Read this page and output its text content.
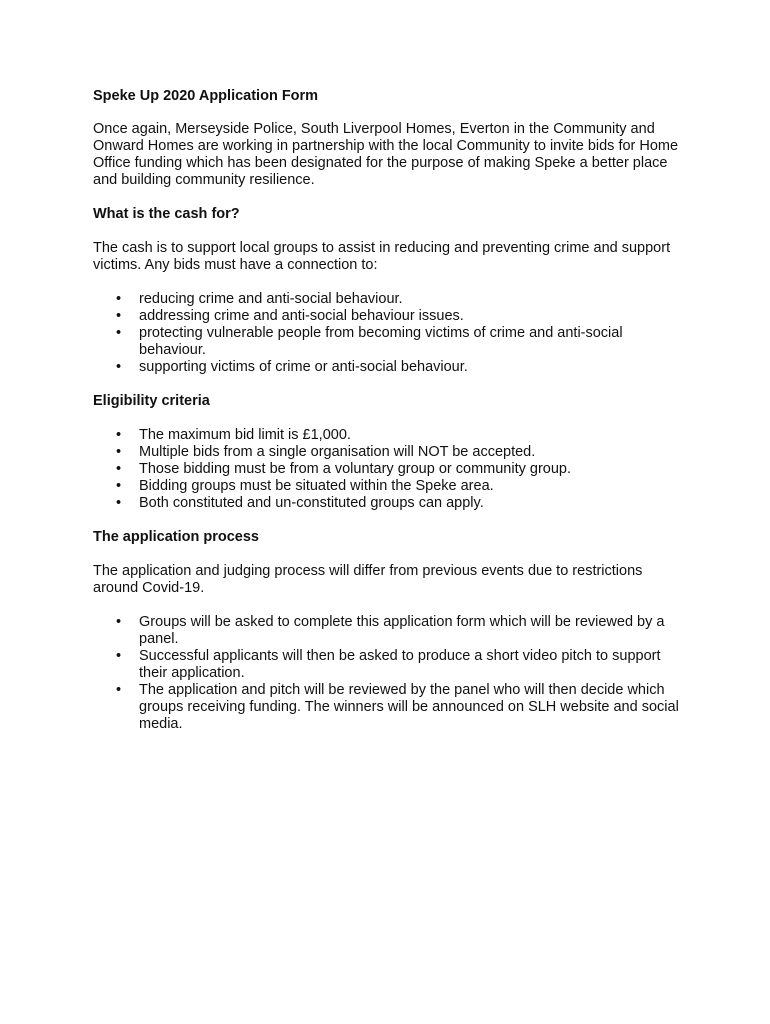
Speke Up 2020 Application Form

Once again, Merseyside Police, South Liverpool Homes, Everton in the Community and Onward Homes are working in partnership with the local Community to invite bids for Home Office funding which has been designated for the purpose of making Speke a better place and building community resilience.

What is the cash for?

The cash is to support local groups to assist in reducing and preventing crime and support victims. Any bids must have a connection to:

• reducing crime and anti-social behaviour.
• addressing crime and anti-social behaviour issues.
• protecting vulnerable people from becoming victims of crime and anti-social behaviour.
• supporting victims of crime or anti-social behaviour.

Eligibility criteria

• The maximum bid limit is £1,000.
• Multiple bids from a single organisation will NOT be accepted.
• Those bidding must be from a voluntary group or community group.
• Bidding groups must be situated within the Speke area.
• Both constituted and un-constituted groups can apply.

The application process

The application and judging process will differ from previous events due to restrictions around Covid-19.

• Groups will be asked to complete this application form which will be reviewed by a panel.
• Successful applicants will then be asked to produce a short video pitch to support their application.
• The application and pitch will be reviewed by the panel who will then decide which groups receiving funding. The winners will be announced on SLH website and social media.
